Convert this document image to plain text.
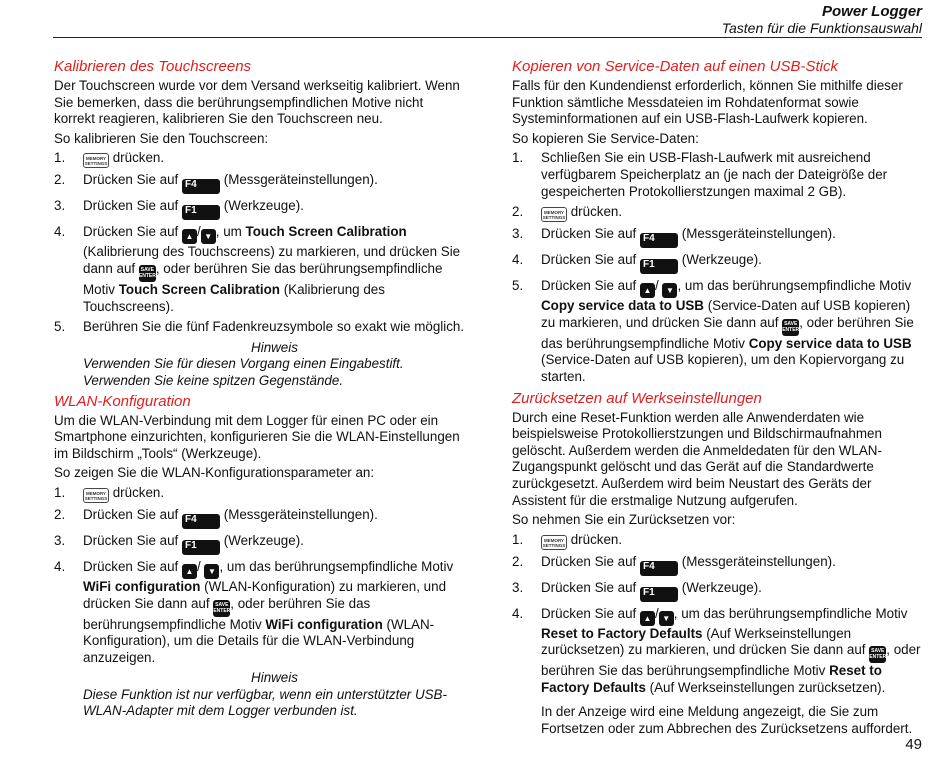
Power Logger
Tasten für die Funktionsauswahl
Kalibrieren des Touchscreens
Der Touchscreen wurde vor dem Versand werkseitig kalibriert. Wenn Sie bemerken, dass die berührungsempfindlichen Motive nicht korrekt reagieren, kalibrieren Sie den Touchscreen neu.
So kalibrieren Sie den Touchscreen:
1.	MEMORY
SETTINGS drücken.
2. Drücken Sie auf F4 (Messgeräteinstellungen).
3. Drücken Sie auf F1 (Werkzeuge).
4. Drücken Sie auf ▲ / ▼ , um Touch Screen Calibration (Kalibrierung des Touchscreens) zu markieren, und drücken Sie dann auf SAVE
ENTER, oder berühren Sie das berührungsempfindliche Motiv Touch Screen Calibration (Kalibrierung des Touchscreens).
5. Berühren Sie die fünf Fadenkreuzsymbole so exakt wie möglich.
Hinweis
Verwenden Sie für diesen Vorgang einen Eingabestift.
Verwenden Sie keine spitzen Gegenstände.
WLAN-Konfiguration
Um die WLAN-Verbindung mit dem Logger für einen PC oder ein Smartphone einzurichten, konfigurieren Sie die WLAN-Einstellungen im Bildschirm „Tools“ (Werkzeuge).
So zeigen Sie die WLAN-Konfigurationsparameter an:
1.	MEMORY
SETTINGS drücken.
2. Drücken Sie auf F4 (Messgeräteinstellungen).
3. Drücken Sie auf F1 (Werkzeuge).
4. Drücken Sie auf ▲ / ▼ , um das berührungsempfindliche Motiv WiFi configuration (WLAN-Konfiguration) zu markieren, und drücken Sie dann auf SAVE
ENTER, oder berühren Sie das berührungsempfindliche Motiv WiFi configuration (WLAN-Konfiguration), um die Details für die WLAN-Verbindung anzuzeigen.
Hinweis
Diese Funktion ist nur verfügbar, wenn ein unterstützter USB-WLAN-Adapter mit dem Logger verbunden ist.
Kopieren von Service-Daten auf einen USB-Stick
Falls für den Kundendienst erforderlich, können Sie mithilfe dieser Funktion sämtliche Messdateien im Rohdatenformat sowie Systeminformationen auf ein USB-Flash-Laufwerk kopieren.
So kopieren Sie Service-Daten:
1. Schließen Sie ein USB-Flash-Laufwerk mit ausreichend verfügbarem Speicherplatz an (je nach der Dateigröße der gespeicherten Protokollierstzungen maximal 2 GB).
2.	MEMORY
SETTINGS drücken.
3. Drücken Sie auf F4 (Messgeräteinstellungen).
4. Drücken Sie auf F1 (Werkzeuge).
5. Drücken Sie auf ▲ / ▼ , um das berührungsempfindliche Motiv Copy service data to USB (Service-Daten auf USB kopieren) zu markieren, und drücken Sie dann auf SAVE
ENTER, oder berühren Sie das berührungsempfindliche Motiv Copy service data to USB (Service-Daten auf USB kopieren), um den Kopiervorgang zu starten.
Zurücksetzen auf Werkseinstellungen
Durch eine Reset-Funktion werden alle Anwenderdaten wie beispielsweise Protokollierstzungen und Bildschirmaufnahmen gelöscht. Außerdem werden die Anmeldedaten für den WLAN-Zugangspunkt gelöscht und das Gerät auf die Standardwerte zurückgesetzt. Außerdem wird beim Neustart des Geräts der Assistent für die erstmalige Nutzung aufgerufen.
So nehmen Sie ein Zurücksetzen vor:
1.	MEMORY
SETTINGS drücken.
2. Drücken Sie auf F4 (Messgeräteinstellungen).
3. Drücken Sie auf F1 (Werkzeuge).
4. Drücken Sie auf ▲ / ▼ , um das berührungsempfindliche Motiv Reset to Factory Defaults (Auf Werkseinstellungen zurücksetzen) zu markieren, und drücken Sie dann auf SAVE
ENTER, oder berühren Sie das berührungsempfindliche Motiv Reset to Factory Defaults (Auf Werkseinstellungen zurücksetzen).
In der Anzeige wird eine Meldung angezeigt, die Sie zum Fortsetzen oder zum Abbrechen des Zurücksetzens auffordert.
49
